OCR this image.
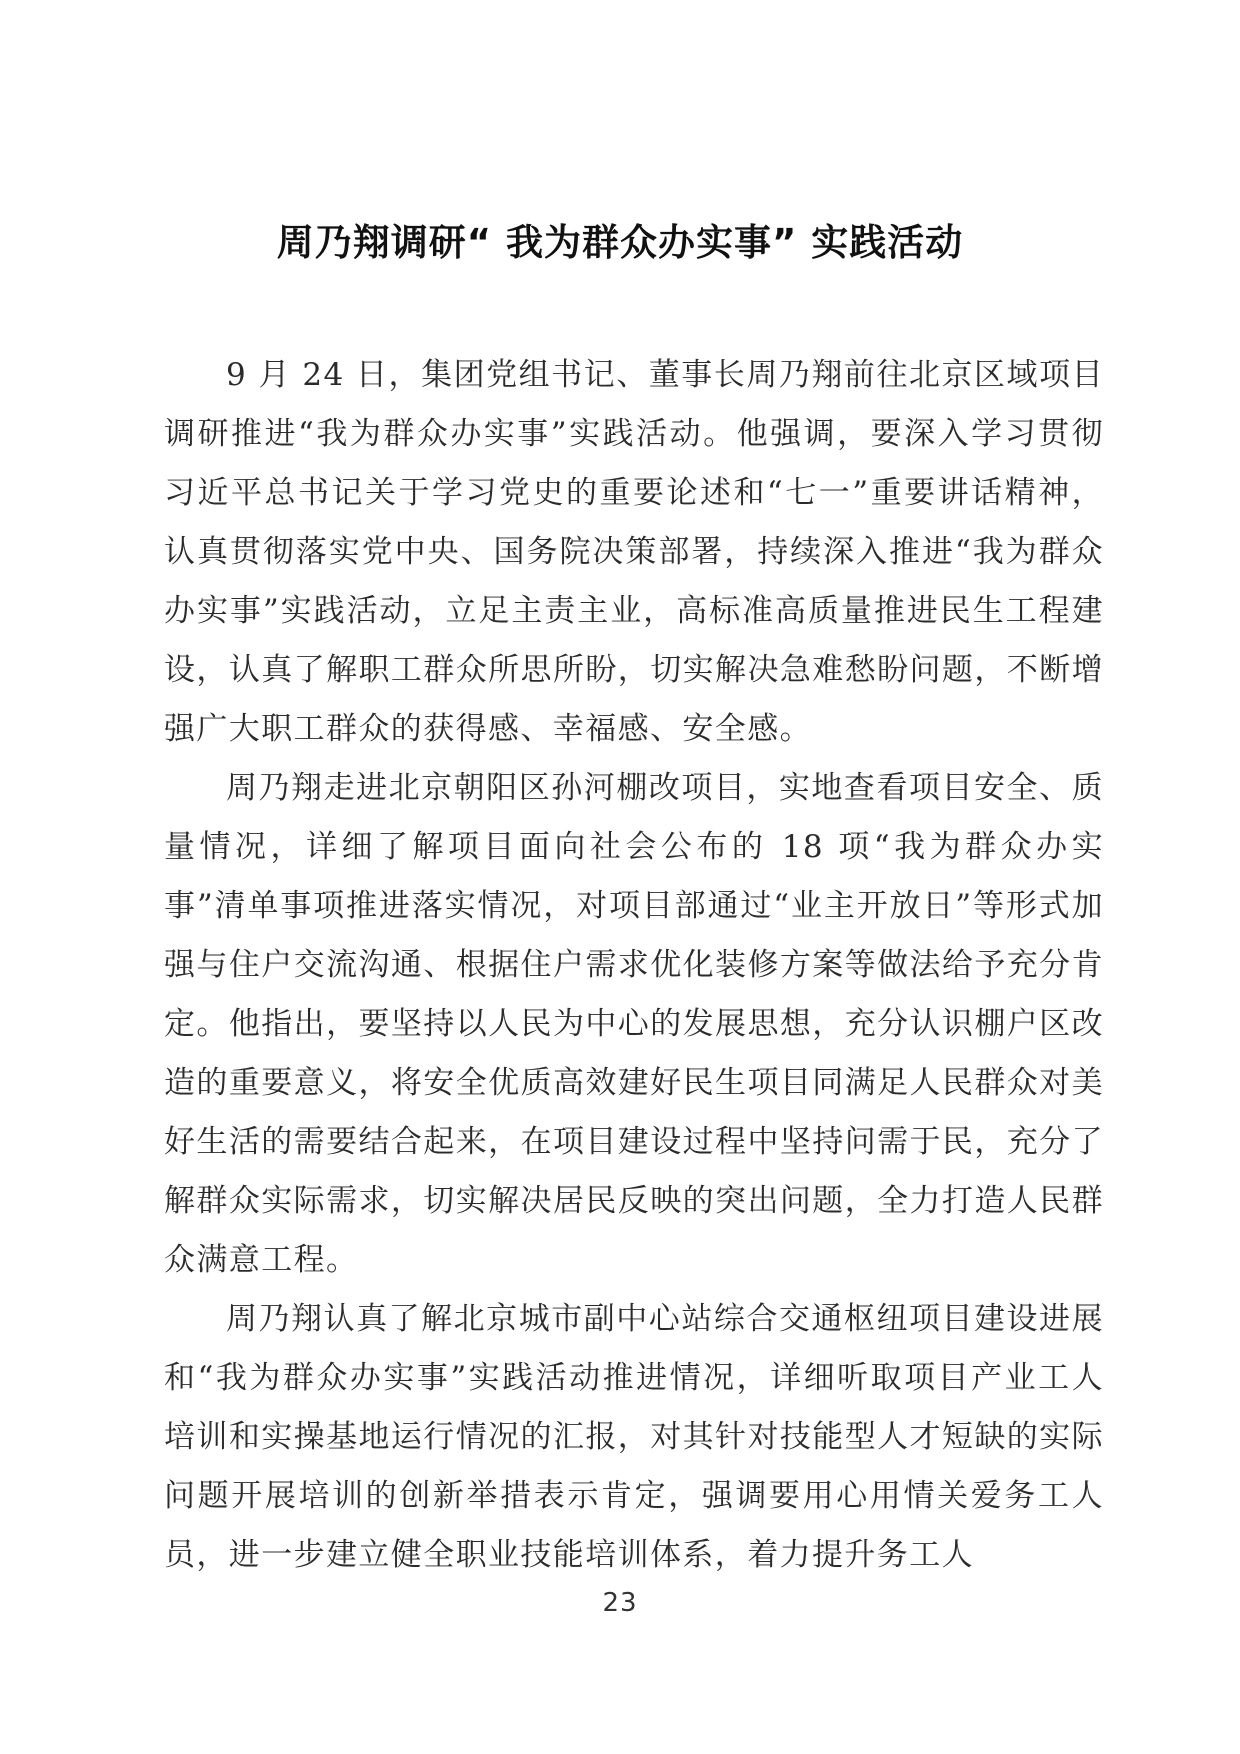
周乃翔调研“ 我为群众办实事” 实践活动

9 月 24 日，集团党组书记、董事长周乃翔前往北京区域项目调研推进“我为群众办实事”实践活动。他强调，要深入学习贯彻习近平总书记关于学习党史的重要论述和“七一”重要讲话精神，认真贯彻落实党中央、国务院决策部署，持续深入推进“我为群众办实事”实践活动，立足主责主业，高标准高质量推进民生工程建设，认真了解职工群众所思所盼，切实解决急难愁盼问题，不断增强广大职工群众的获得感、幸福感、安全感。

周乃翔走进北京朝阳区孙河棚改项目，实地查看项目安全、质量情况，详细了解项目面向社会公布的 18 项“我为群众办实事”清单事项推进落实情况，对项目部通过“业主开放日”等形式加强与住户交流沟通、根据住户需求优化装修方案等做法给予充分肯定。他指出，要坚持以人民为中心的发展思想，充分认识棚户区改造的重要意义，将安全优质高效建好民生项目同满足人民群众对美好生活的需要结合起来，在项目建设过程中坚持问需于民，充分了解群众实际需求，切实解决居民反映的突出问题，全力打造人民群众满意工程。

周乃翔认真了解北京城市副中心站综合交通枢纽项目建设进展和“我为群众办实事”实践活动推进情况，详细听取项目产业工人培训和实操基地运行情况的汇报，对其针对技能型人才短缺的实际问题开展培训的创新举措表示肯定，强调要用心用情关爱务工人员，进一步建立健全职业技能培训体系，着力提升务工人

23
